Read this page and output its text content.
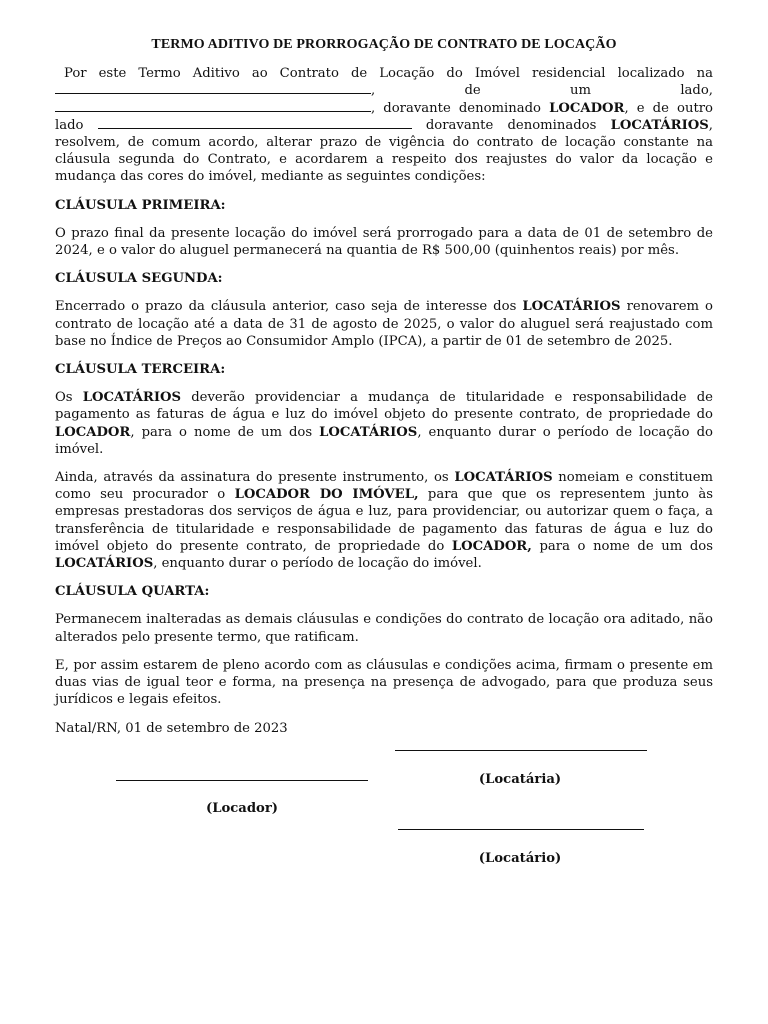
TERMO ADITIVO DE PRORROGAÇÃO DE CONTRATO DE LOCAÇÃO

Por este Termo Aditivo ao Contrato de Locação do Imóvel residencial localizado na , de um lado, , doravante denominado LOCADOR, e de outro lado	doravante denominados LOCATÁRIOS, resolvem, de comum acordo, alterar prazo de vigência do contrato de locação constante na cláusula segunda do Contrato, e acordarem a respeito dos reajustes do valor da locação e mudança das cores do imóvel, mediante as seguintes condições:

CLÁUSULA PRIMEIRA:

O prazo final da presente locação do imóvel será prorrogado para a data de 01 de setembro de 2024, e o valor do aluguel permanecerá na quantia de R$ 500,00 (quinhentos reais) por mês.

CLÁUSULA SEGUNDA:

Encerrado o prazo da cláusula anterior, caso seja de interesse dos LOCATÁRIOS renovarem o contrato de locação até a data de 31 de agosto de 2025, o valor do aluguel será reajustado com base no Índice de Preços ao Consumidor Amplo (IPCA), a partir de 01 de setembro de 2025.

CLÁUSULA TERCEIRA:

Os LOCATÁRIOS deverão providenciar a mudança de titularidade e responsabilidade de pagamento as faturas de água e luz do imóvel objeto do presente contrato, de propriedade do LOCADOR, para o nome de um dos LOCATÁRIOS, enquanto durar o período de locação do imóvel.

Ainda, através da assinatura do presente instrumento, os LOCATÁRIOS nomeiam e constituem como seu procurador o LOCADOR DO IMÓVEL, para que que os representem junto às empresas prestadoras dos serviços de água e luz, para providenciar, ou autorizar quem o faça, a transferência de titularidade e responsabilidade de pagamento das faturas de água e luz do imóvel objeto do presente contrato, de propriedade do LOCADOR, para o nome de um dos LOCATÁRIOS, enquanto durar o período de locação do imóvel.

CLÁUSULA QUARTA:

Permanecem inalteradas as demais cláusulas e condições do contrato de locação ora aditado, não alterados pelo presente termo, que ratificam.

E, por assim estarem de pleno acordo com as cláusulas e condições acima, firmam o presente em duas vias de igual teor e forma, na presença na presença de advogado, para que produza seus jurídicos e legais efeitos.

Natal/RN, 01 de setembro de 2023

(Locatária)
(Locador)
(Locatário)
